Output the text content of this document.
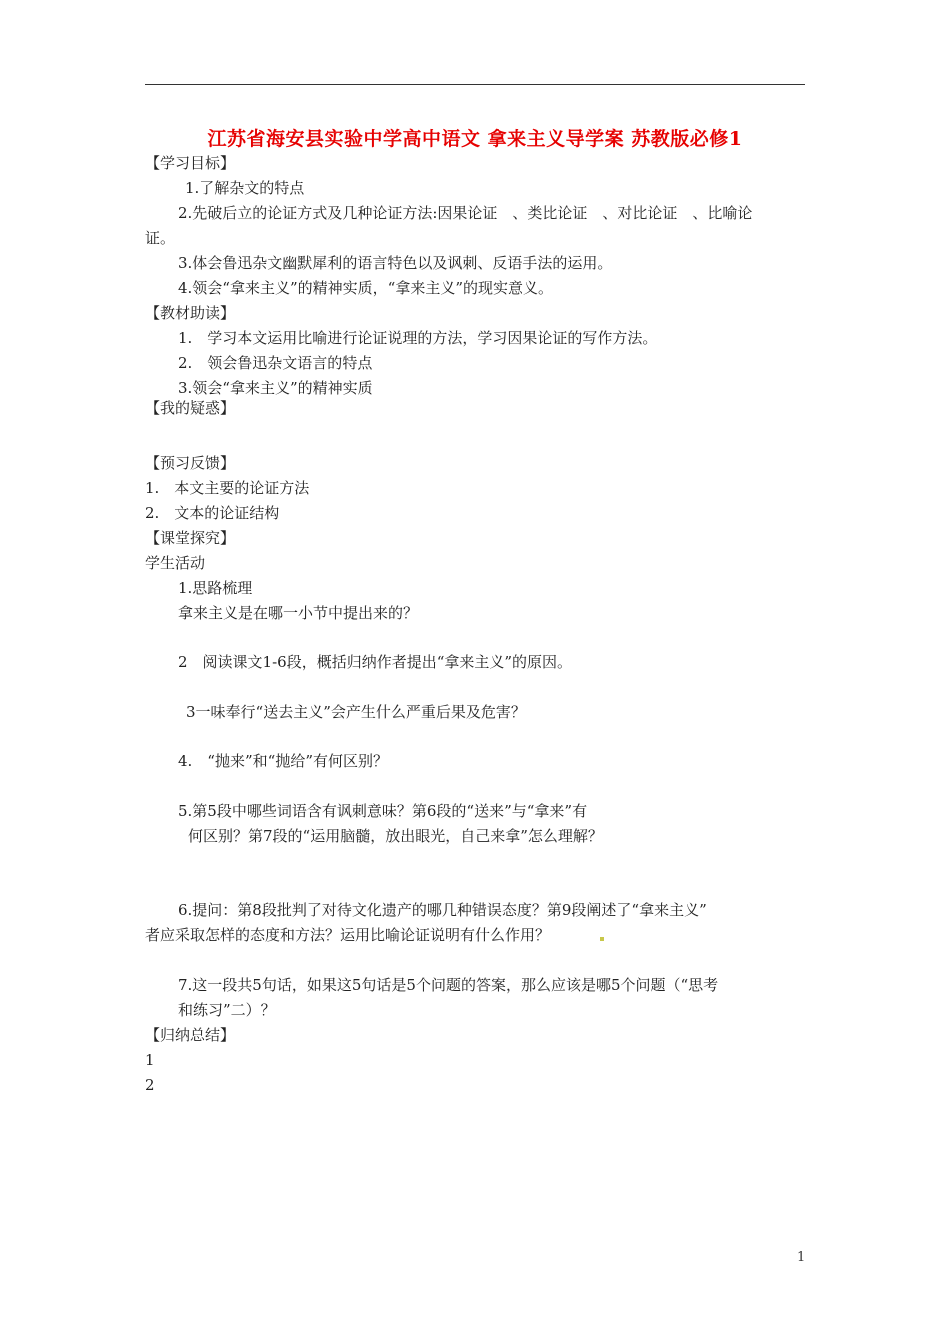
江苏省海安县实验中学高中语文 拿来主义导学案 苏教版必修1
【学习目标】
1.了解杂文的特点
2.先破后立的论证方式及几种论证方法:因果论证　、类比论证　、对比论证　、比喻论
证。
3.体会鲁迅杂文幽默犀利的语言特色以及讽刺、反语手法的运用。
4.领会“拿来主义”的精神实质，“拿来主义”的现实意义。
【教材助读】
1.　学习本文运用比喻进行论证说理的方法，学习因果论证的写作方法。
2.　领会鲁迅杂文语言的特点
3.领会“拿来主义”的精神实质
【我的疑惑】
【预习反馈】
1.　本文主要的论证方法
2.　文本的论证结构
【课堂探究】
学生活动
1.思路梳理
拿来主义是在哪一小节中提出来的？
2　阅读课文1-6段，概括归纳作者提出“拿来主义”的原因。
3一味奉行“送去主义”会产生什么严重后果及危害？
4.　“抛来”和“抛给”有何区别？
5.第5段中哪些词语含有讽刺意味？第6段的“送来”与“拿来”有
何区别？第7段的“运用脑髓，放出眼光，自己来拿”怎么理解？
6.提问：第8段批判了对待文化遗产的哪几种错误态度？第9段阐述了“拿来主义”
者应采取怎样的态度和方法？运用比喻论证说明有什么作用？
7.这一段共5句话，如果这5句话是5个问题的答案，那么应该是哪5个问题（“思考
和练习”二）？
【归纳总结】
1
2
1
